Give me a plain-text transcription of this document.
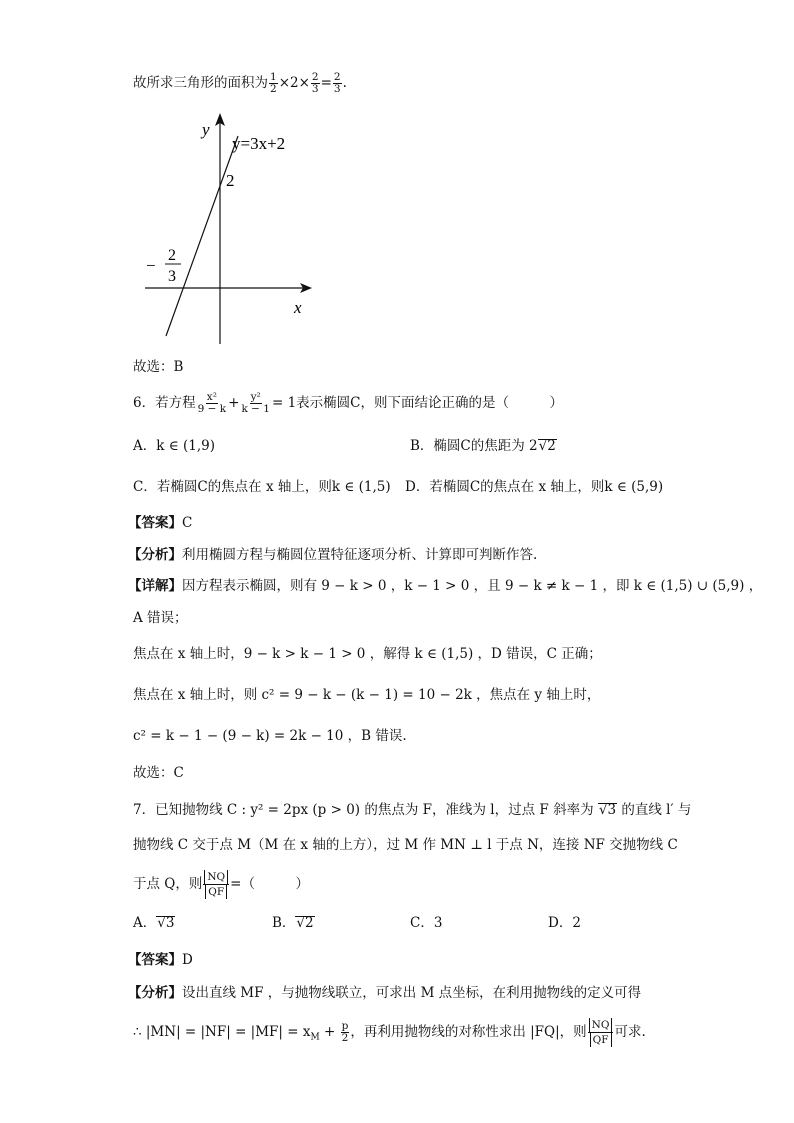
故所求三角形的面积为 $\frac{1}{2} \times 2\times \frac{2}{3} = \frac{2}{3}$ .
y
y=3x+2
2
−
2
3
x
故选：B
6．若方程 $\frac{\text{x²}}{9 - k} + \frac{\text{y²}}{k - 1} = 1$表示椭圆C，则下面结论正确的是（　　　）
A．k ∈ (1,9)	B．椭圆C的焦距为 2√2
C．若椭圆C的焦点在 x 轴上，则k ∈ (1,5) D．若椭圆C的焦点在 x 轴上，则k ∈ (5,9)
【答案】C
【分析】利用椭圆方程与椭圆位置特征逐项分析、计算即可判断作答.
【详解】因方程表示椭圆，则有 9 − k > 0 ，k − 1 > 0 ，且 9 − k ≠ k − 1 ，即 k ∈ (1,5) ∪ (5,9) ，
A 错误；
焦点在 x 轴上时，9 − k > k − 1 > 0 ，解得 k ∈ (1,5) ，D 错误，C 正确；
焦点在 x 轴上时，则 c² = 9 − k − (k − 1) = 10 − 2k ，焦点在 y 轴上时，
c² = k − 1 − (9 − k) = 2k − 10 ，B 错误.
故选：C
7．已知抛物线 C : y² = 2px (p > 0) 的焦点为 F，准线为 l，过点 F 斜率为 √3 的直线 l′ 与
抛物线 C 交于点 M（M 在 x 轴的上方），过 M 作 MN ⊥ l 于点 N，连接 NF 交抛物线 C
于点 Q，则 $\frac{NQ}{QF}$ =（　　　）
A．√3	B．√2	C．3	D．2
【答案】D
【分析】设出直线 MF ，与抛物线联立，可求出 M 点坐标，在利用抛物线的定义可得
∴ $|MN| = |NF| = |MF| = x_M + \frac{p}{2}$ ，再利用抛物线的对称性求出 |FQ|，则 $\frac{NQ}{QF}$ 可求.
